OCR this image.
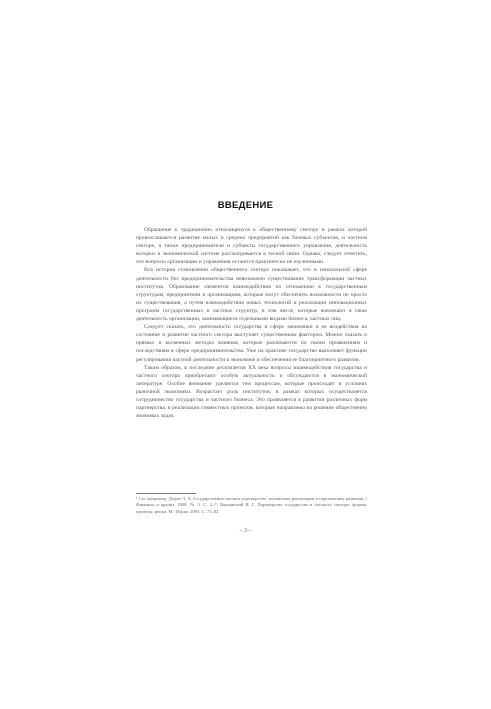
ВВЕДЕНИЕ

Обращение к традиционно относящемуся к общественному сектору в рамках которой провозглашается развитие малых и средних предприятий как базовых субъектов, и частном секторе, а также предприниматели и субъекты государственного управления, деятельность которых в экономической системе рассматривается в тесной связи. Однако, следует отметить, что вопросы организации и управления остаются практически не изученными.

Вся история становления общественного сектора показывает, что в изначальной сфере деятельности без предпринимательства невозможно существование трансформации частных институтов. Образование элементов взаимодействия по отношению к государственным структурам, предприятиям и организациям, которые могут обеспечить возможности не просто их существования, а путем взаимодействия новых технологий и реализации инновационных программ государственных и частных структур, в том числе, которые вовлекают в свою деятельность организации, занимающиеся отдельными видами бизнеса, частных лиц.

Следует сказать, что деятельность государства в сфере экономики и ее воздействия на состояние и развитие частного сектора выступает существенным фактором. Можно сказать о прямых и косвенных методах влияния, которые различаются по своим проявлениям и последствиям в сфере предпринимательства. Уже на практике государство выполняет функции регулирования частной деятельности в экономике и обеспечения ее благоприятного развития.

Таким образом, в последние десятилетия XX века вопросы взаимодействия государства и частного сектора приобретают особую актуальность и обсуждаются в экономической литературе. Особое внимание уделяется тем процессам, которые происходят в условиях рыночной экономики. Возрастает роль институтов, в рамках которых осуществляется сотрудничество государства и частного бизнеса. Это проявляется в развитии различных форм партнерства, в реализации совместных проектов, которые направлены на решение общественно значимых задач.

¹ См. например: Дедов Л. А. Государственно-частное партнерство: механизмы реализации и перспективы развития // Финансы и кредит. 2008. № 3. С. 2–7; Варнавский В. Г. Партнерство государства и частного сектора: формы, проекты, риски. М.: Наука, 2005. С. 75–82.
– 3 –
